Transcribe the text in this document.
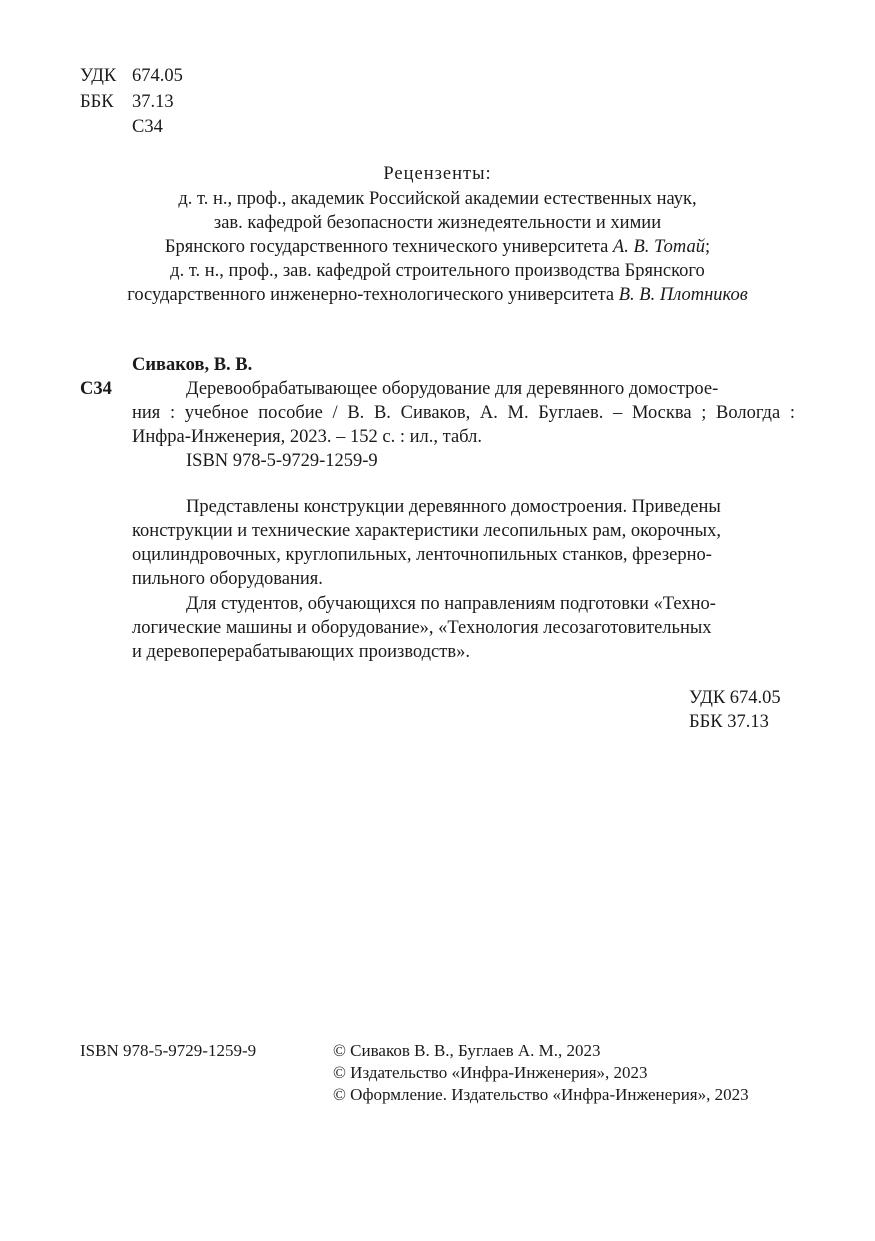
УДК 674.05
ББК 37.13
С34
Рецензенты:
д. т. н., проф., академик Российской академии естественных наук,
зав. кафедрой безопасности жизнедеятельности и химии
Брянского государственного технического университета А. В. Тотай;
д. т. н., проф., зав. кафедрой строительного производства Брянского
государственного инженерно-технологического университета В. В. Плотников
Сиваков, В. В.
С34	Деревообрабатывающее оборудование для деревянного домострое-
ния : учебное пособие / В. В. Сиваков, А. М. Буглаев. – Москва ; Вологда :
Инфра-Инженерия, 2023. – 152 с. : ил., табл.
ISBN 978-5-9729-1259-9
Представлены конструкции деревянного домостроения. Приведены
конструкции и технические характеристики лесопильных рам, окорочных,
оцилиндровочных, круглопильных, ленточнопильных станков, фрезерно-
пильного оборудования.
Для студентов, обучающихся по направлениям подготовки «Техно-
логические машины и оборудование», «Технология лесозаготовительных
и деревоперерабатывающих производств».
УДК 674.05
ББК 37.13
ISBN 978-5-9729-1259-9	© Сиваков В. В., Буглаев А. М., 2023
© Издательство «Инфра-Инженерия», 2023
© Оформление. Издательство «Инфра-Инженерия», 2023
